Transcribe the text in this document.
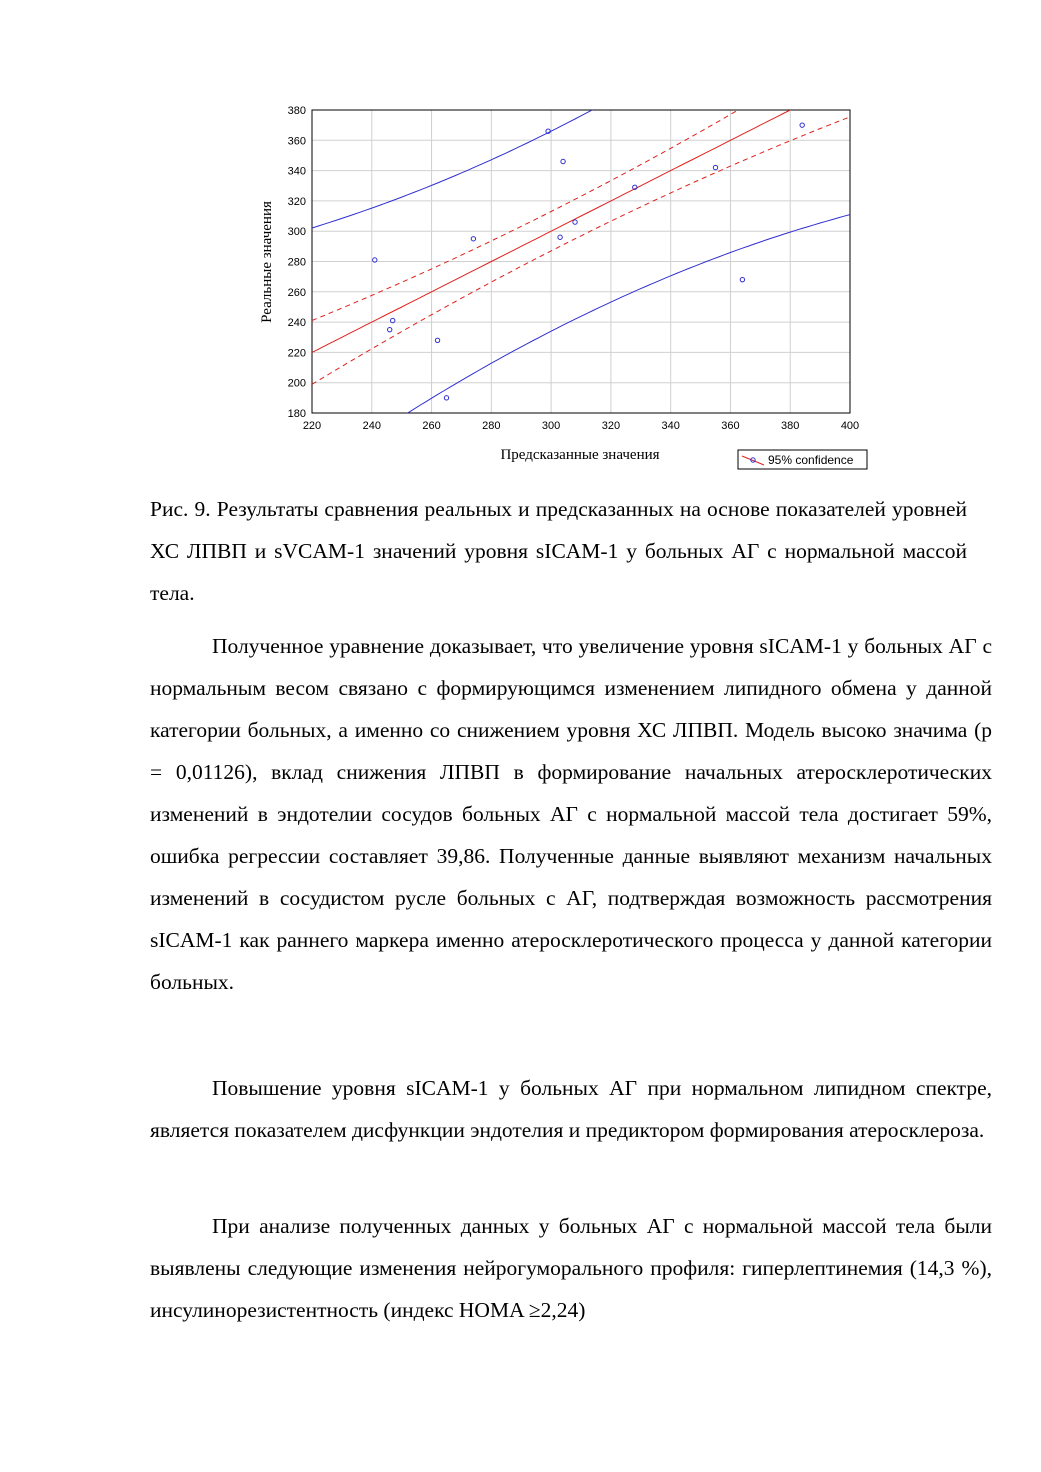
220	240	260	280	300	320	340	360	380	400
180
200
220
240
260
280
300
320
340
360
380
Предсказанные значения
Реальные значения
95% confidence

Рис. 9. Результаты сравнения реальных и предсказанных на основе показателей уровней ХС ЛПВП и sVCAM-1 значений уровня sICAM-1 у больных АГ с нормальной массой тела.

Полученное уравнение доказывает, что увеличение уровня sICAM-1 у больных АГ с нормальным весом связано с формирующимся изменением липидного обмена у данной категории больных, а именно со снижением уровня ХС ЛПВП. Модель высоко значима (p = 0,01126), вклад снижения ЛПВП в формирование начальных атеросклеротических изменений в эндотелии сосудов больных АГ с нормальной массой тела достигает 59%, ошибка регрессии составляет 39,86. Полученные данные выявляют механизм начальных изменений в сосудистом русле больных с АГ, подтверждая возможность рассмотрения sICAM-1 как раннего маркера именно атеросклеротического процесса у данной категории больных.

Повышение уровня sICAM-1 у больных АГ при нормальном липидном спектре, является показателем дисфункции эндотелия и предиктором формирования атеросклероза.

При анализе полученных данных у больных АГ с нормальной массой тела были выявлены следующие изменения нейрогуморального профиля: гиперлептинемия (14,3 %), инсулинорезистентность (индекс HOMA ≥2,24)
